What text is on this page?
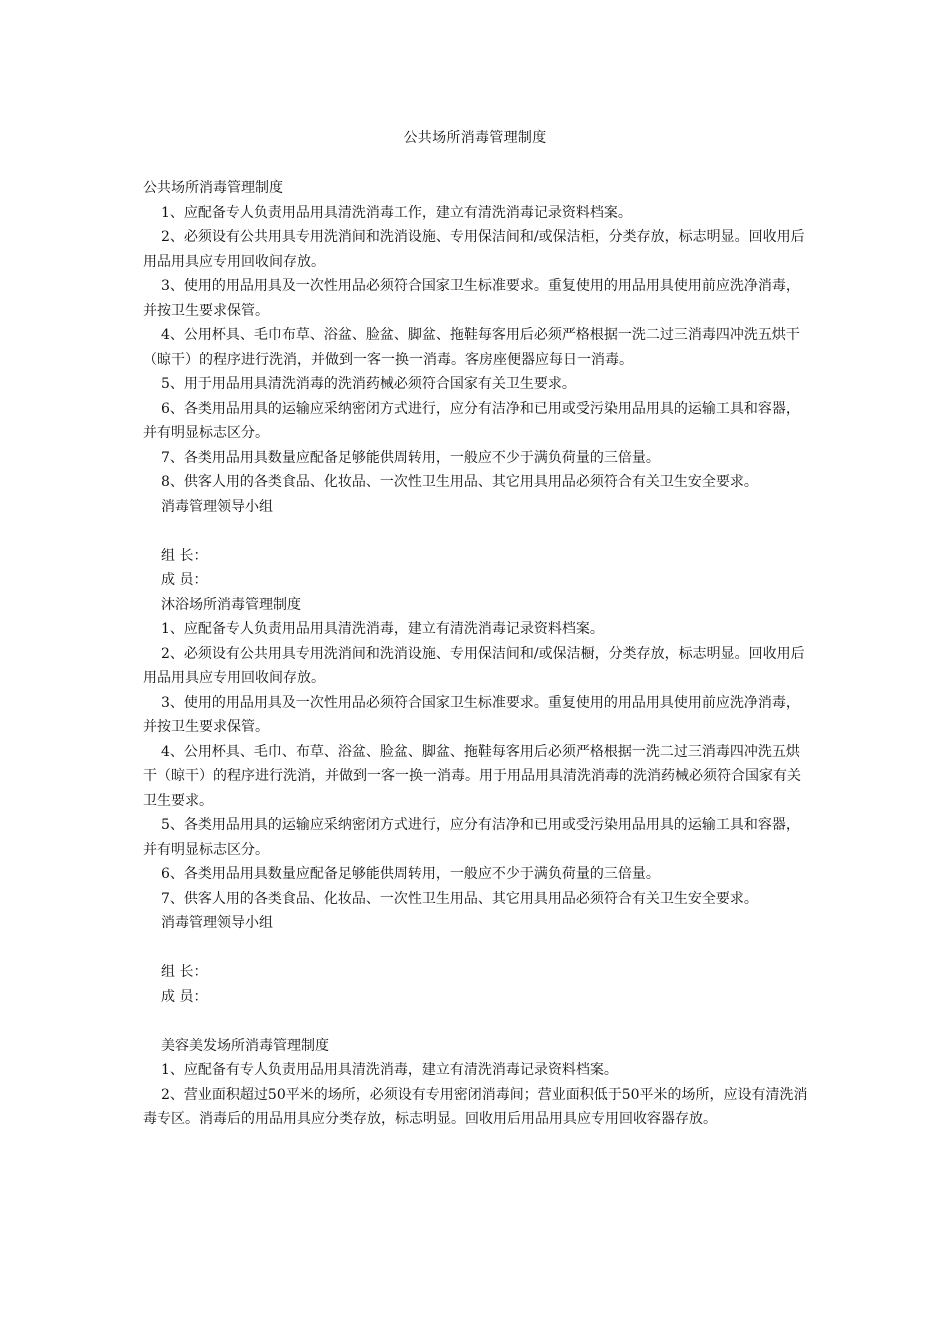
公共场所消毒管理制度

公共场所消毒管理制度

1、应配备专人负责用品用具清洗消毒工作，建立有清洗消毒记录资料档案。

2、必须设有公共用具专用洗消间和洗消设施、专用保洁间和/或保洁柜，分类存放，标志明显。回收用后用品用具应专用回收间存放。

3、使用的用品用具及一次性用品必须符合国家卫生标准要求。重复使用的用品用具使用前应洗净消毒，并按卫生要求保管。

4、公用杯具、毛巾布草、浴盆、脸盆、脚盆、拖鞋每客用后必须严格根据一洗二过三消毒四冲洗五烘干（晾干）的程序进行洗消，并做到一客一换一消毒。客房座便器应每日一消毒。

5、用于用品用具清洗消毒的洗消药械必须符合国家有关卫生要求。

6、各类用品用具的运输应采纳密闭方式进行，应分有洁净和已用或受污染用品用具的运输工具和容器，并有明显标志区分。

7、各类用品用具数量应配备足够能供周转用，一般应不少于满负荷量的三倍量。

8、供客人用的各类食品、化妆品、一次性卫生用品、其它用具用品必须符合有关卫生安全要求。

消毒管理领导小组

组 长：

成 员：

沐浴场所消毒管理制度

1、应配备专人负责用品用具清洗消毒，建立有清洗消毒记录资料档案。

2、必须设有公共用具专用洗消间和洗消设施、专用保洁间和/或保洁橱，分类存放，标志明显。回收用后用品用具应专用回收间存放。

3、使用的用品用具及一次性用品必须符合国家卫生标准要求。重复使用的用品用具使用前应洗净消毒，并按卫生要求保管。

4、公用杯具、毛巾、布草、浴盆、脸盆、脚盆、拖鞋每客用后必须严格根据一洗二过三消毒四冲洗五烘干（晾干）的程序进行洗消，并做到一客一换一消毒。用于用品用具清洗消毒的洗消药械必须符合国家有关卫生要求。

5、各类用品用具的运输应采纳密闭方式进行，应分有洁净和已用或受污染用品用具的运输工具和容器，并有明显标志区分。

6、各类用品用具数量应配备足够能供周转用，一般应不少于满负荷量的三倍量。

7、供客人用的各类食品、化妆品、一次性卫生用品、其它用具用品必须符合有关卫生安全要求。

消毒管理领导小组

组 长：

成 员：

美容美发场所消毒管理制度

1、应配备有专人负责用品用具清洗消毒，建立有清洗消毒记录资料档案。

2、营业面积超过50平米的场所，必须设有专用密闭消毒间；营业面积低于50平米的场所，应设有清洗消毒专区。消毒后的用品用具应分类存放，标志明显。回收用后用品用具应专用回收容器存放。
